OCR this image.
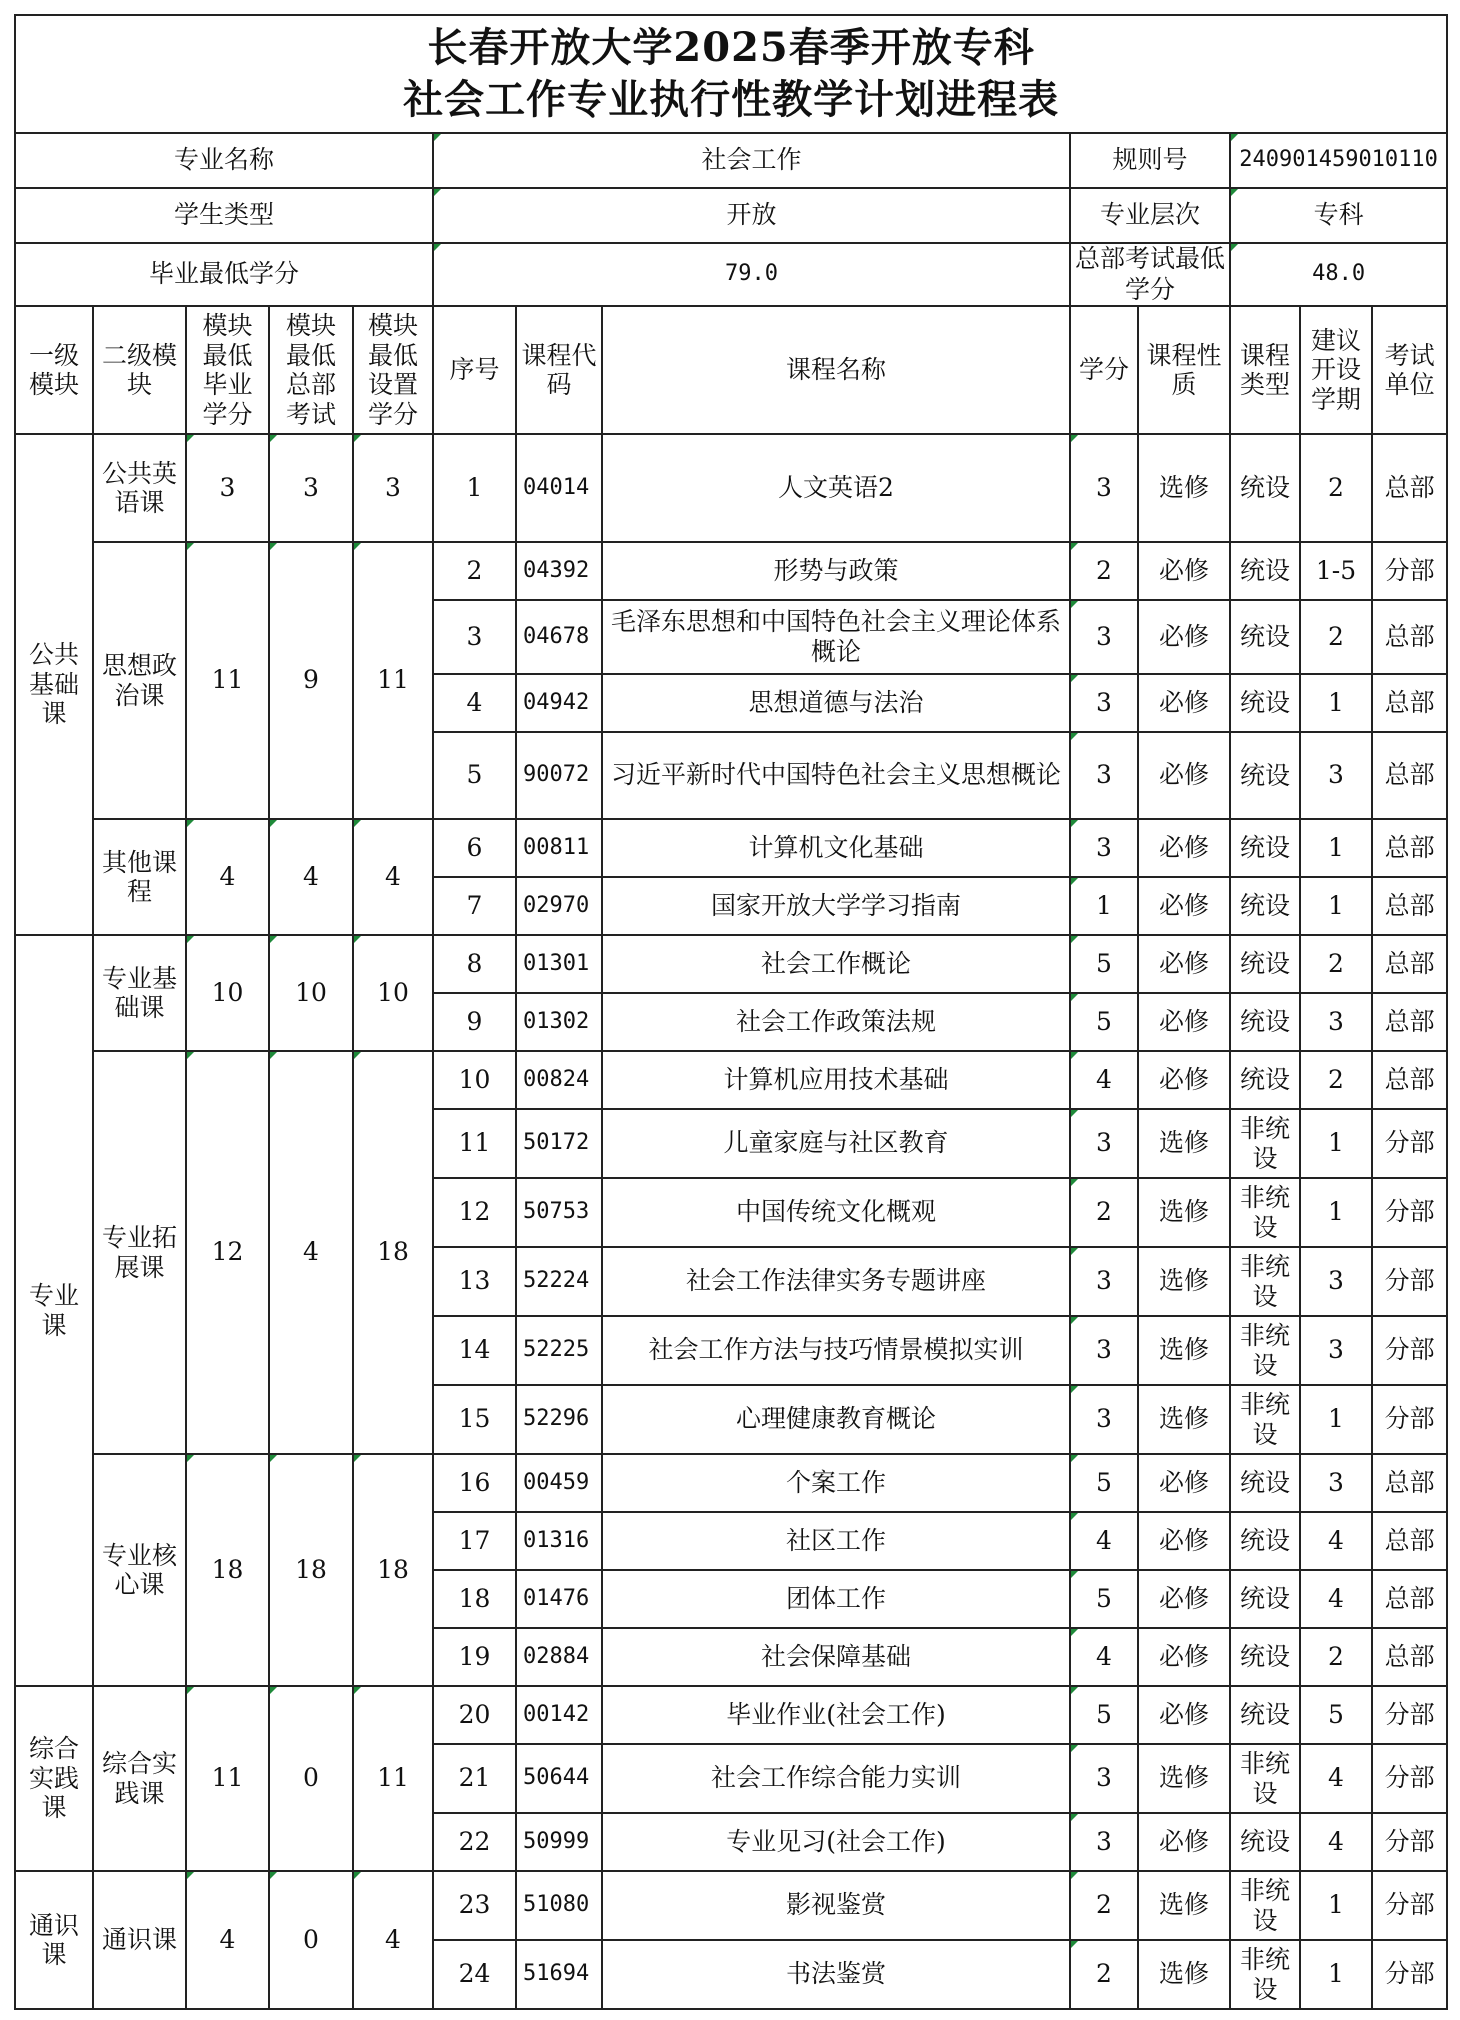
长春开放大学2025春季开放专科
社会工作专业执行性教学计划进程表												

专业名称					社会工作			规则号		240901459010110		
学生类型					开放			专业层次		专科		
毕业最低学分					79.0			总部考试最低学分		48.0		
一级模块	二级模块	模块最低毕业学分	模块最低总部考试	模块最低设置学分	序号	课程代码	课程名称	学分	课程性质	课程类型	建议开设学期	考试单位
公共基础课	公共英语课	3	3	3	1	04014	人文英语2	3	选修	统设	2	总部
	思想政治课	11	9	11	2	04392	形势与政策	2	必修	统设	1-5	分部
					3	04678	毛泽东思想和中国特色社会主义理论体系概论	3	必修	统设	2	总部
					4	04942	思想道德与法治	3	必修	统设	1	总部
					5	90072	习近平新时代中国特色社会主义思想概论	3	必修	统设	3	总部
	其他课程	4	4	4	6	00811	计算机文化基础	3	必修	统设	1	总部
					7	02970	国家开放大学学习指南	1	必修	统设	1	总部
专业课	专业基础课	10	10	10	8	01301	社会工作概论	5	必修	统设	2	总部
					9	01302	社会工作政策法规	5	必修	统设	3	总部
	专业拓展课	12	4	18	10	00824	计算机应用技术基础	4	必修	统设	2	总部
					11	50172	儿童家庭与社区教育	3	选修	非统设	1	分部
					12	50753	中国传统文化概观	2	选修	非统设	1	分部
					13	52224	社会工作法律实务专题讲座	3	选修	非统设	3	分部
					14	52225	社会工作方法与技巧情景模拟实训	3	选修	非统设	3	分部
					15	52296	心理健康教育概论	3	选修	非统设	1	分部
	专业核心课	18	18	18	16	00459	个案工作	5	必修	统设	3	总部
					17	01316	社区工作	4	必修	统设	4	总部
					18	01476	团体工作	5	必修	统设	4	总部
					19	02884	社会保障基础	4	必修	统设	2	总部
综合实践课	综合实践课	11	0	11	20	00142	毕业作业(社会工作)	5	必修	统设	5	分部
					21	50644	社会工作综合能力实训	3	选修	非统设	4	分部
					22	50999	专业见习(社会工作)	3	必修	统设	4	分部
通识课	通识课	4	0	4	23	51080	影视鉴赏	2	选修	非统设	1	分部
					24	51694	书法鉴赏	2	选修	非统设	1	分部
